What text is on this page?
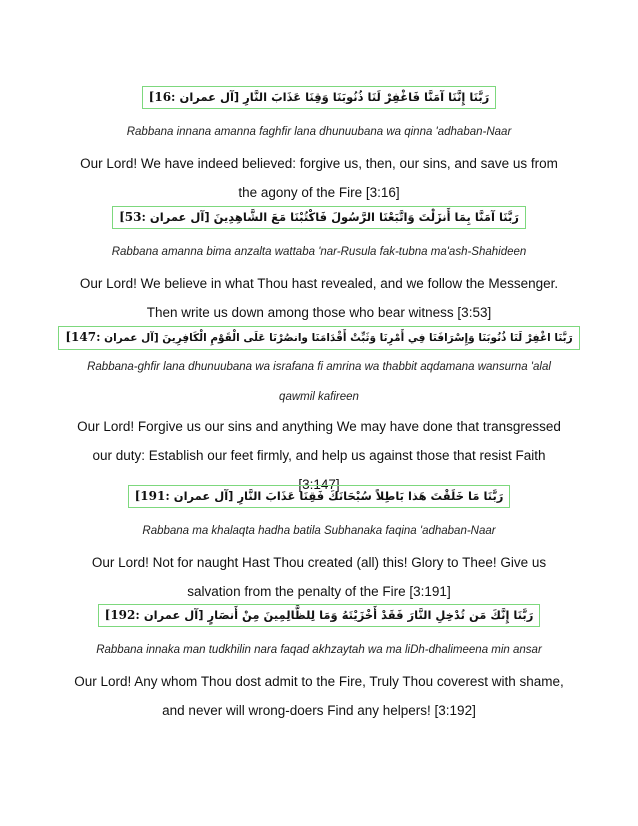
رَبَّنَا إِنَّنَا آمَنَّا فَاغْفِرْ لَنَا ذُنُوبَنَا وَقِنَا عَذَابَ النَّارِ [آل عمران [16:
Rabbana innana amanna faghfir lana dhunuubana wa qinna 'adhaban-Naar
Our Lord! We have indeed believed: forgive us, then, our sins, and save us from the agony of the Fire [3:16]
رَبَّنَا آمَنَّا بِمَا أَنزَلْتَ وَاتَّبَعْنَا الرَّسُولَ فَاكْتُبْنَا مَعَ الشَّاهِدِينَ [آل عمران [53:
Rabbana amanna bima anzalta wattaba 'nar-Rusula fak-tubna ma'ash-Shahideen
Our Lord! We believe in what Thou hast revealed, and we follow the Messenger. Then write us down among those who bear witness [3:53]
رَبَّنَا اغْفِرْ لَنَا ذُنُوبَنَا وَإِسْرَافَنَا فِي أَمْرِنَا وَثَبِّتْ أَقْدَامَنَا وانصُرْنَا عَلَى الْقَوْمِ الْكَافِرِينَ [آل عمران [147:
Rabbana-ghfir lana dhunuubana wa israfana fi amrina wa thabbit aqdamana wansurna 'alal qawmil kafireen
Our Lord! Forgive us our sins and anything We may have done that transgressed our duty: Establish our feet firmly, and help us against those that resist Faith [3:147]
رَبَّنَا مَا خَلَقْتَ هَذا بَاطِلاً سُبْحَانَكَ فَقِنَا عَذَابَ النَّارِ [آل عمران [191:
Rabbana ma khalaqta hadha batila Subhanaka faqina 'adhaban-Naar
Our Lord! Not for naught Hast Thou created (all) this! Glory to Thee! Give us salvation from the penalty of the Fire [3:191]
رَبَّنَا إِنَّكَ مَن تُدْخِلِ النَّارَ فَقَدْ أَخْزَيْتَهُ وَمَا لِلظَّالِمِينَ مِنْ أَنصَارٍ [آل عمران [192:
Rabbana innaka man tudkhilin nara faqad akhzaytah wa ma liDh-dhalimeena min ansar
Our Lord! Any whom Thou dost admit to the Fire, Truly Thou coverest with shame, and never will wrong-doers Find any helpers! [3:192]
